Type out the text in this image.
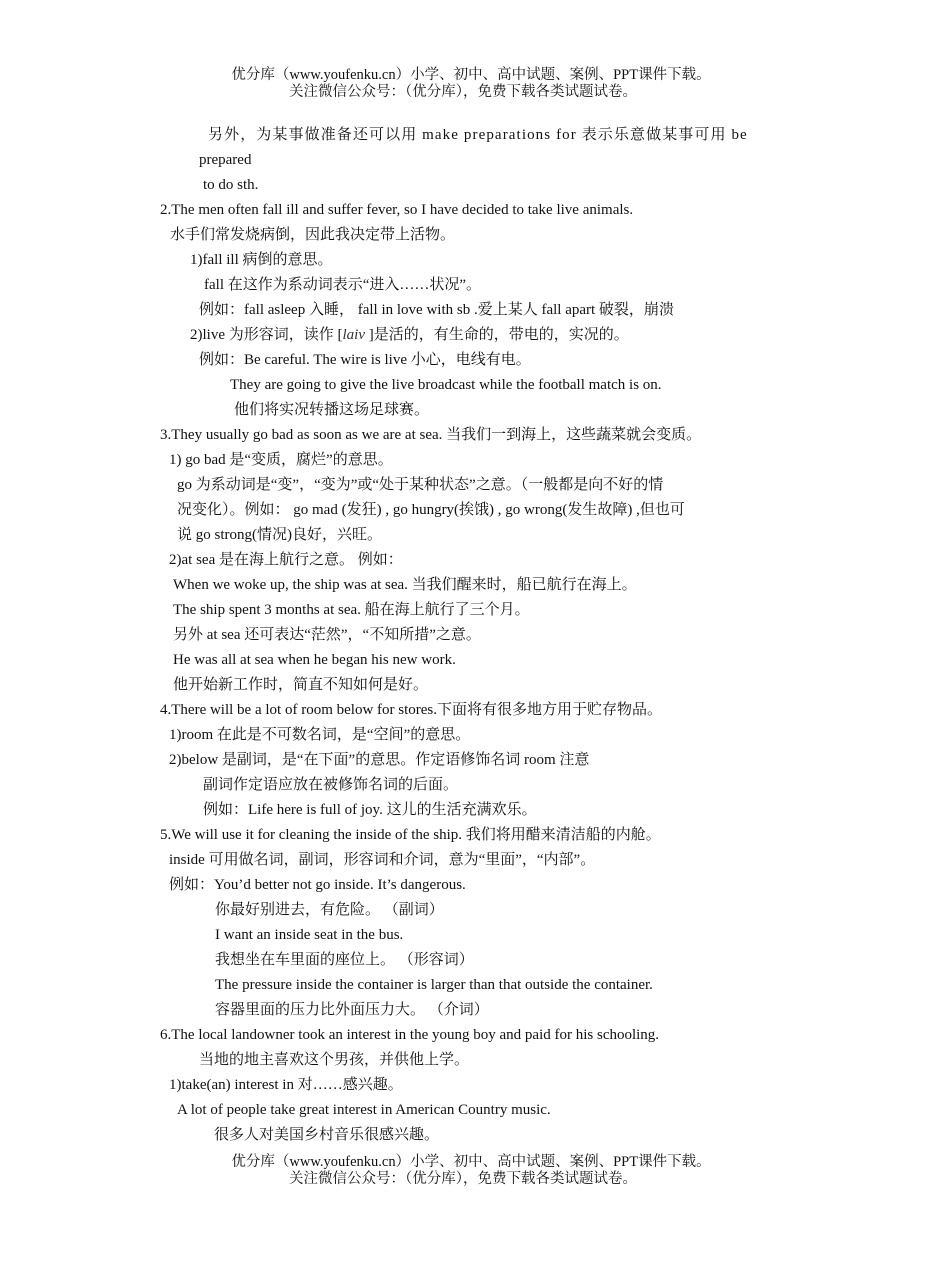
优分库（www.youfenku.cn）小学、初中、高中试题、案例、PPT课件下载。
关注微信公众号：（优分库），免费下载各类试题试卷。
另外，为某事做准备还可以用 make preparations for 表示乐意做某事可用 be
prepared
to do sth.
2.The men often fall ill and suffer fever, so I have decided to take live animals.
水手们常发烧病倒，因此我决定带上活物。
1)fall ill 病倒的意思。
fall 在这作为系动词表示“进入……状况”。
例如：fall asleep 入睡， fall in love with sb .爱上某人 fall apart 破裂，崩溃
2)live 为形容词，读作 [laiv ]是活的，有生命的，带电的，实况的。
例如：Be careful. The wire is live 小心，电线有电。
They are going to give the live broadcast while the football match is on.
他们将实况转播这场足球赛。
3.They usually go bad as soon as we are at sea. 当我们一到海上，这些蔬菜就会变质。
1) go bad 是“变质，腐烂”的意思。
go 为系动词是“变”，“变为”或“处于某种状态”之意。（一般都是向不好的情
况变化）。例如： go mad (发狂) , go hungry(挨饿) , go wrong(发生故障) ,但也可
说 go strong(情况)良好，兴旺。
2)at sea 是在海上航行之意。 例如：
When we woke up, the ship was at sea. 当我们醒来时，船已航行在海上。
The ship spent 3 months at sea. 船在海上航行了三个月。
另外 at sea 还可表达“茫然”，“不知所措”之意。
He was all at sea when he began his new work.
他开始新工作时，简直不知如何是好。
4.There will be a lot of room below for stores.下面将有很多地方用于贮存物品。
1)room 在此是不可数名词，是“空间”的意思。
2)below 是副词，是“在下面”的意思。作定语修饰名词 room 注意
副词作定语应放在被修饰名词的后面。
例如：Life here is full of joy. 这儿的生活充满欢乐。
5.We will use it for cleaning the inside of the ship. 我们将用醋来清洁船的内舱。
inside 可用做名词，副词，形容词和介词，意为“里面”，“内部”。
例如：You’d better not go inside. It’s dangerous.
你最好别进去，有危险。 （副词）
I want an inside seat in the bus.
我想坐在车里面的座位上。 （形容词）
The pressure inside the container is larger than that outside the container.
容器里面的压力比外面压力大。 （介词）
6.The local landowner took an interest in the young boy and paid for his schooling.
当地的地主喜欢这个男孩，并供他上学。
1)take(an) interest in 对……感兴趣。
A lot of people take great interest in American Country music.
很多人对美国乡村音乐很感兴趣。
优分库（www.youfenku.cn）小学、初中、高中试题、案例、PPT课件下载。
关注微信公众号：（优分库），免费下载各类试题试卷。
